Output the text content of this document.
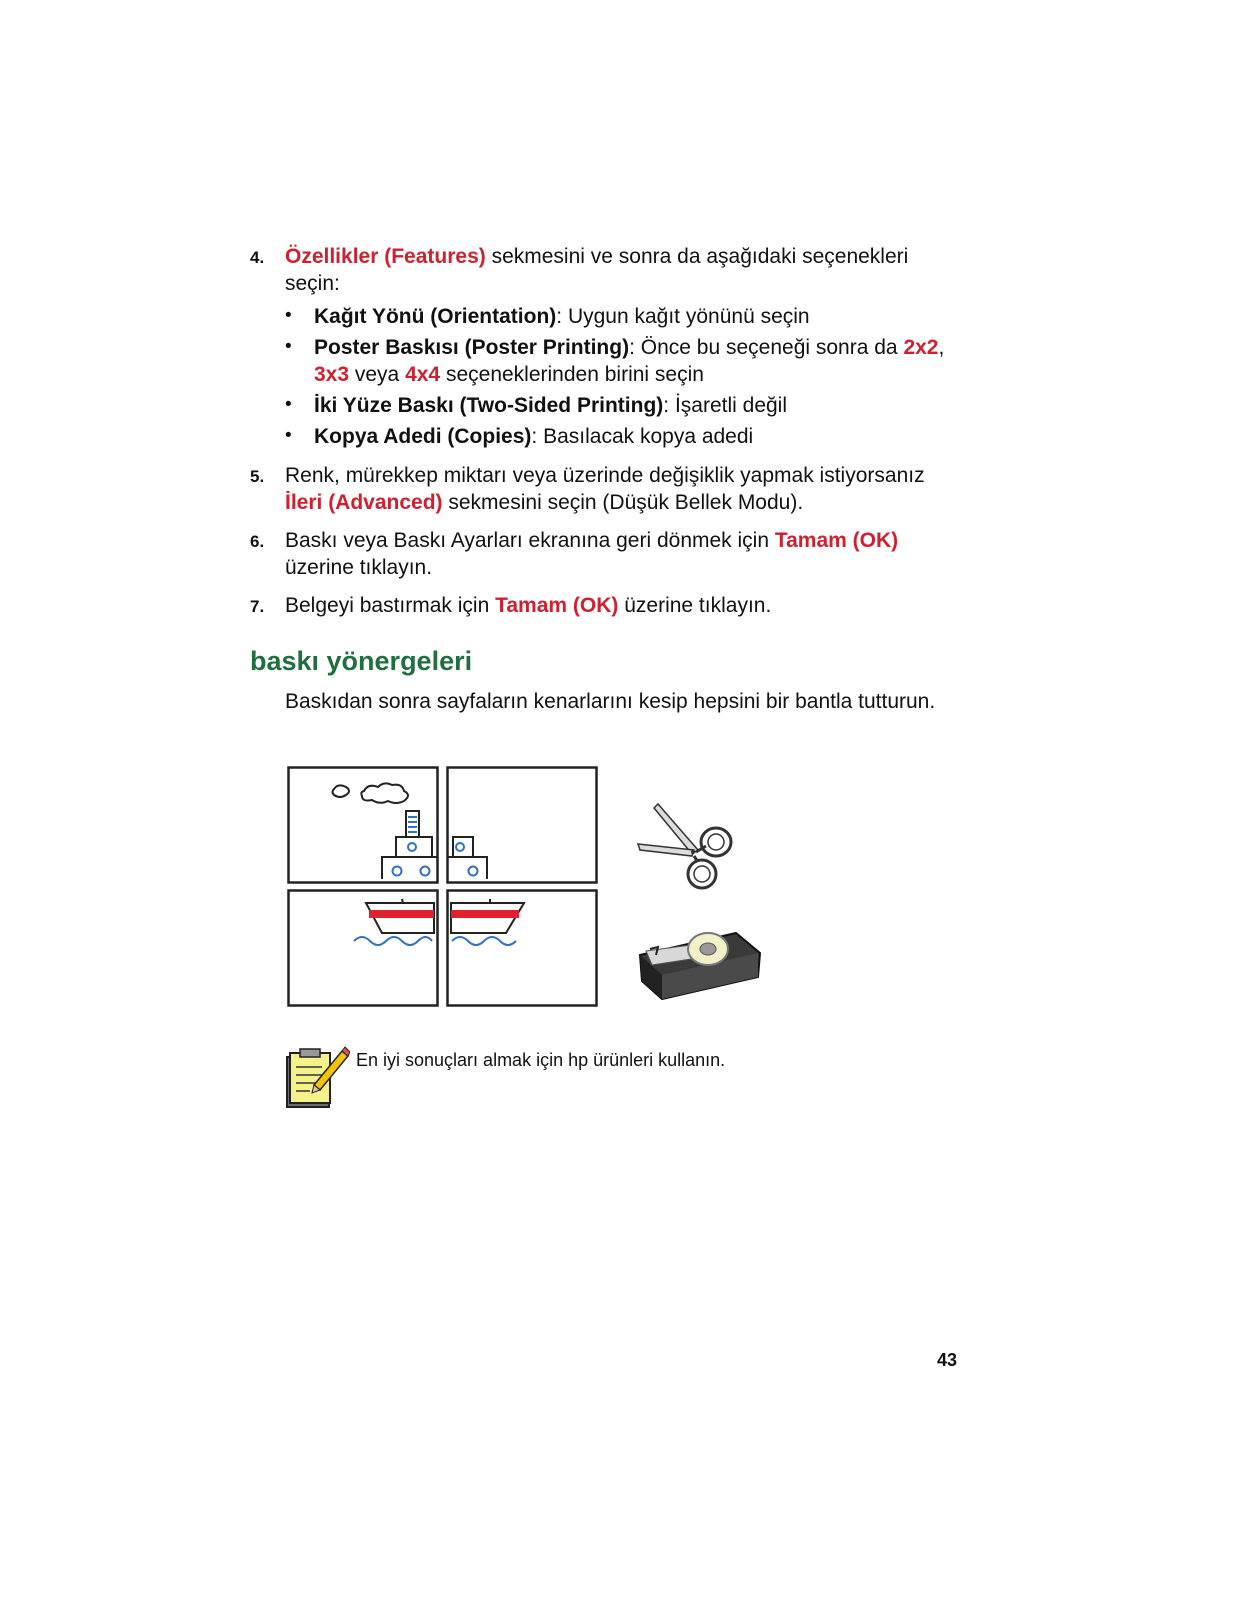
4. Özellikler (Features) sekmesini ve sonra da aşağıdaki seçenekleri
seçin:
• Kağıt Yönü (Orientation): Uygun kağıt yönünü seçin
• Poster Baskısı (Poster Printing): Önce bu seçeneği sonra da 2x2,
3x3 veya 4x4 seçeneklerinden birini seçin
• İki Yüze Baskı (Two-Sided Printing): İşaretli değil
• Kopya Adedi (Copies): Basılacak kopya adedi
5. Renk, mürekkep miktarı veya üzerinde değişiklik yapmak istiyorsanız
İleri (Advanced) sekmesini seçin (Düşük Bellek Modu).
6. Baskı veya Baskı Ayarları ekranına geri dönmek için Tamam (OK)
üzerine tıklayın.
7. Belgeyi bastırmak için Tamam (OK) üzerine tıklayın.
baskı yönergeleri
Baskıdan sonra sayfaların kenarlarını kesip hepsini bir bantla tutturun.
En iyi sonuçları almak için hp ürünleri kullanın.
43
